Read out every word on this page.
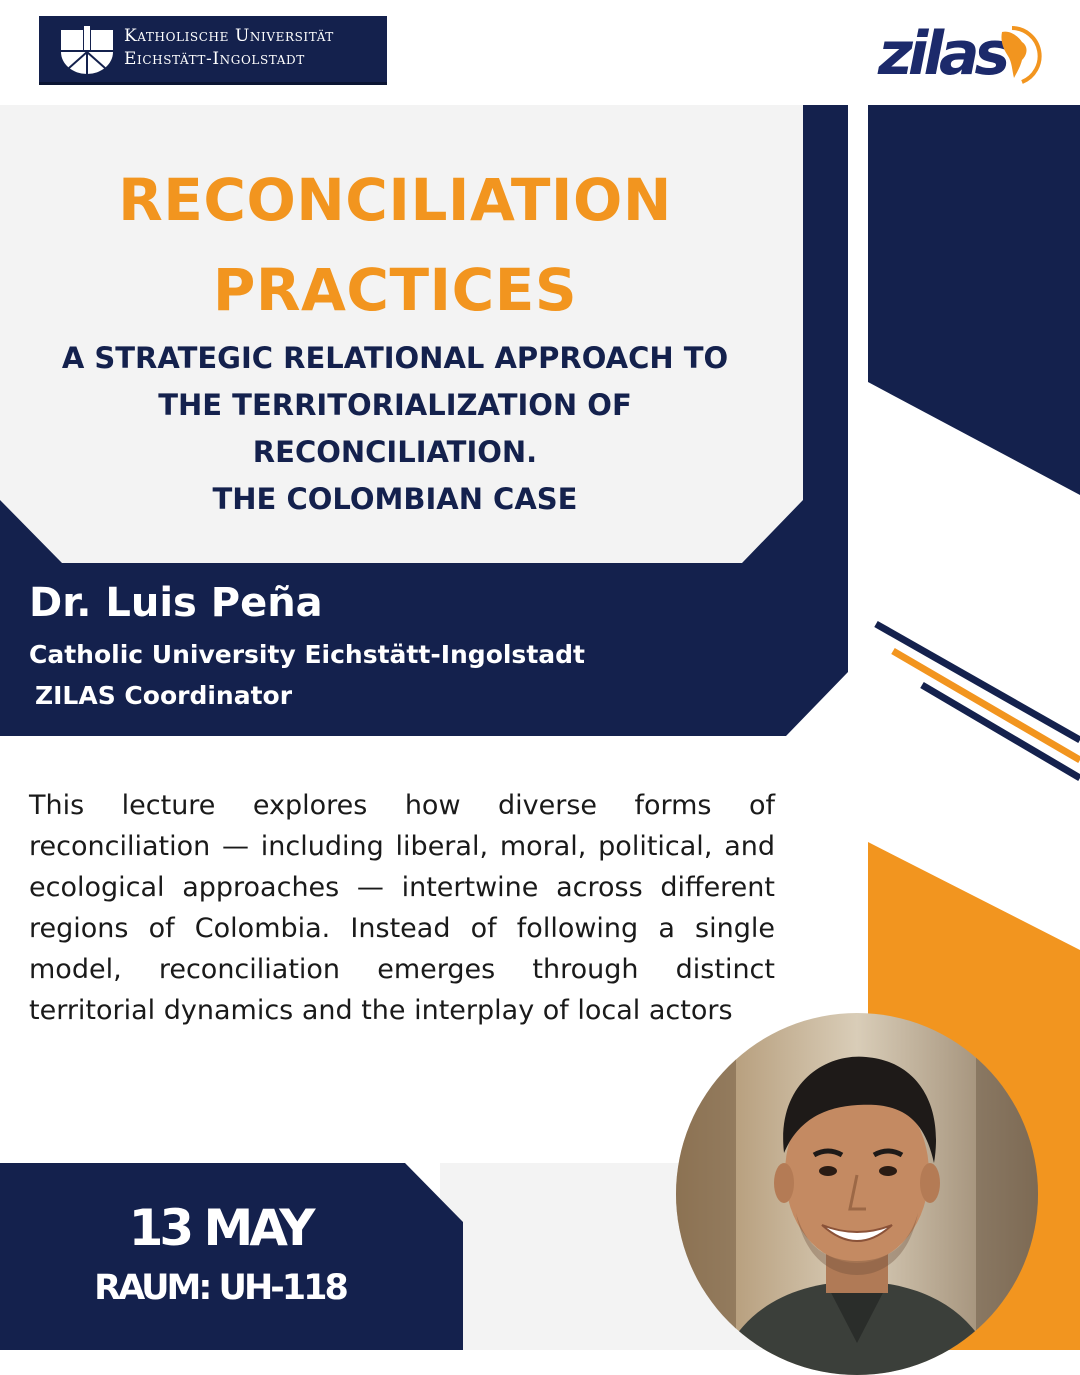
Katholische Universität
Eichstätt-Ingolstadt	zilas
RECONCILIATION
PRACTICES
A STRATEGIC RELATIONAL APPROACH TO
THE TERRITORIALIZATION OF
RECONCILIATION.
THE COLOMBIAN CASE
Dr. Luis Peña
Catholic University Eichstätt-Ingolstadt
ZILAS Coordinator
This lecture explores how diverse forms of reconciliation — including liberal, moral, political, and ecological approaches — intertwine across different regions of Colombia. Instead of following a single model, reconciliation emerges through distinct territorial dynamics and the interplay of local actors
13 MAY
RAUM: UH-118
